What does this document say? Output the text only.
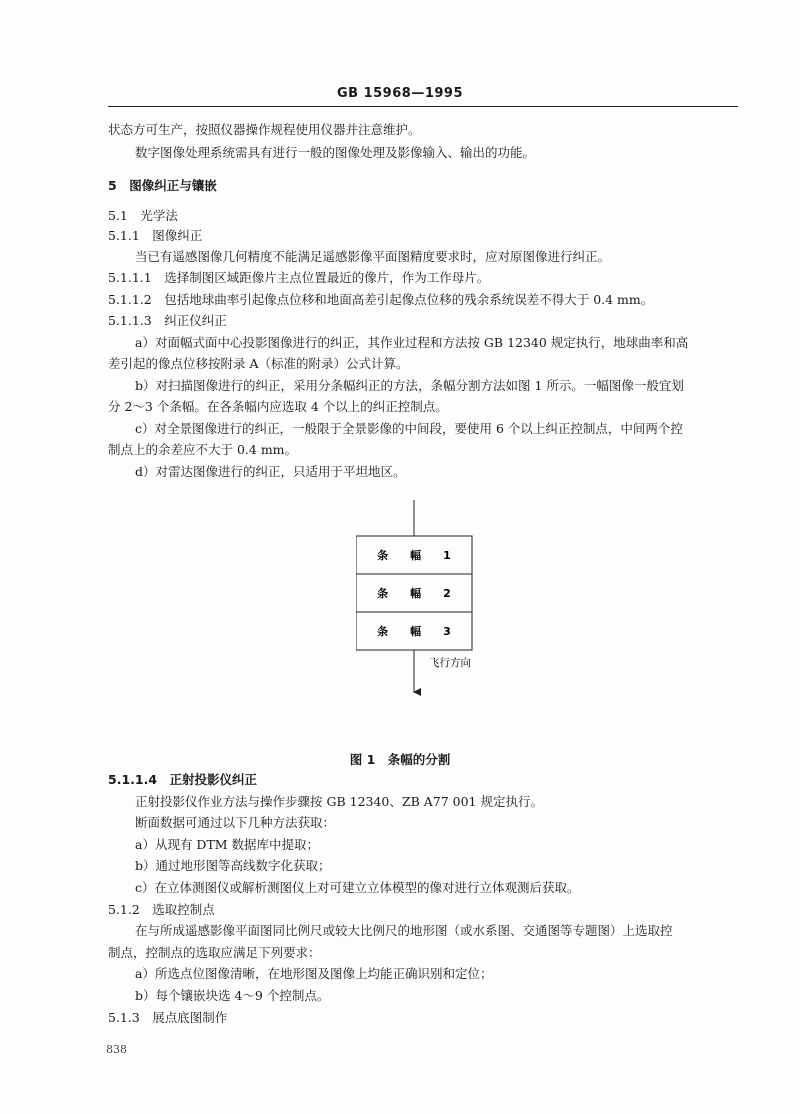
GB 15968—1995
状态方可生产，按照仪器操作规程使用仪器并注意维护。
数字图像处理系统需具有进行一般的图像处理及影像输入、输出的功能。
5　图像纠正与镶嵌
5.1　光学法
5.1.1　图像纠正
当已有遥感图像几何精度不能满足遥感影像平面图精度要求时，应对原图像进行纠正。
5.1.1.1　选择制图区域距像片主点位置最近的像片，作为工作母片。
5.1.1.2　包括地球曲率引起像点位移和地面高差引起像点位移的残余系统误差不得大于 0.4 mm。
5.1.1.3　纠正仪纠正
a）对面幅式面中心投影图像进行的纠正，其作业过程和方法按 GB 12340 规定执行，地球曲率和高
差引起的像点位移按附录 A（标准的附录）公式计算。
b）对扫描图像进行的纠正，采用分条幅纠正的方法，条幅分割方法如图 1 所示。一幅图像一般宜划
分 2～3 个条幅。在各条幅内应选取 4 个以上的纠正控制点。
c）对全景图像进行的纠正，一般限于全景影像的中间段，要使用 6 个以上纠正控制点，中间两个控
制点上的余差应不大于 0.4 mm。
d）对雷达图像进行的纠正，只适用于平坦地区。
条　　幅　　1
条　　幅　　2
条　　幅　　3
飞行方向
图 1　条幅的分割
5.1.1.4　正射投影仪纠正
正射投影仪作业方法与操作步骤按 GB 12340、ZB A77 001 规定执行。
断面数据可通过以下几种方法获取：
a）从现有 DTM 数据库中提取；
b）通过地形图等高线数字化获取；
c）在立体测图仪或解析测图仪上对可建立立体模型的像对进行立体观测后获取。
5.1.2　选取控制点
在与所成遥感影像平面图同比例尺或较大比例尺的地形图（或水系图、交通图等专题图）上选取控
制点，控制点的选取应满足下列要求：
a）所选点位图像清晰，在地形图及图像上均能正确识别和定位；
b）每个镶嵌块选 4～9 个控制点。
5.1.3　展点底图制作
838
